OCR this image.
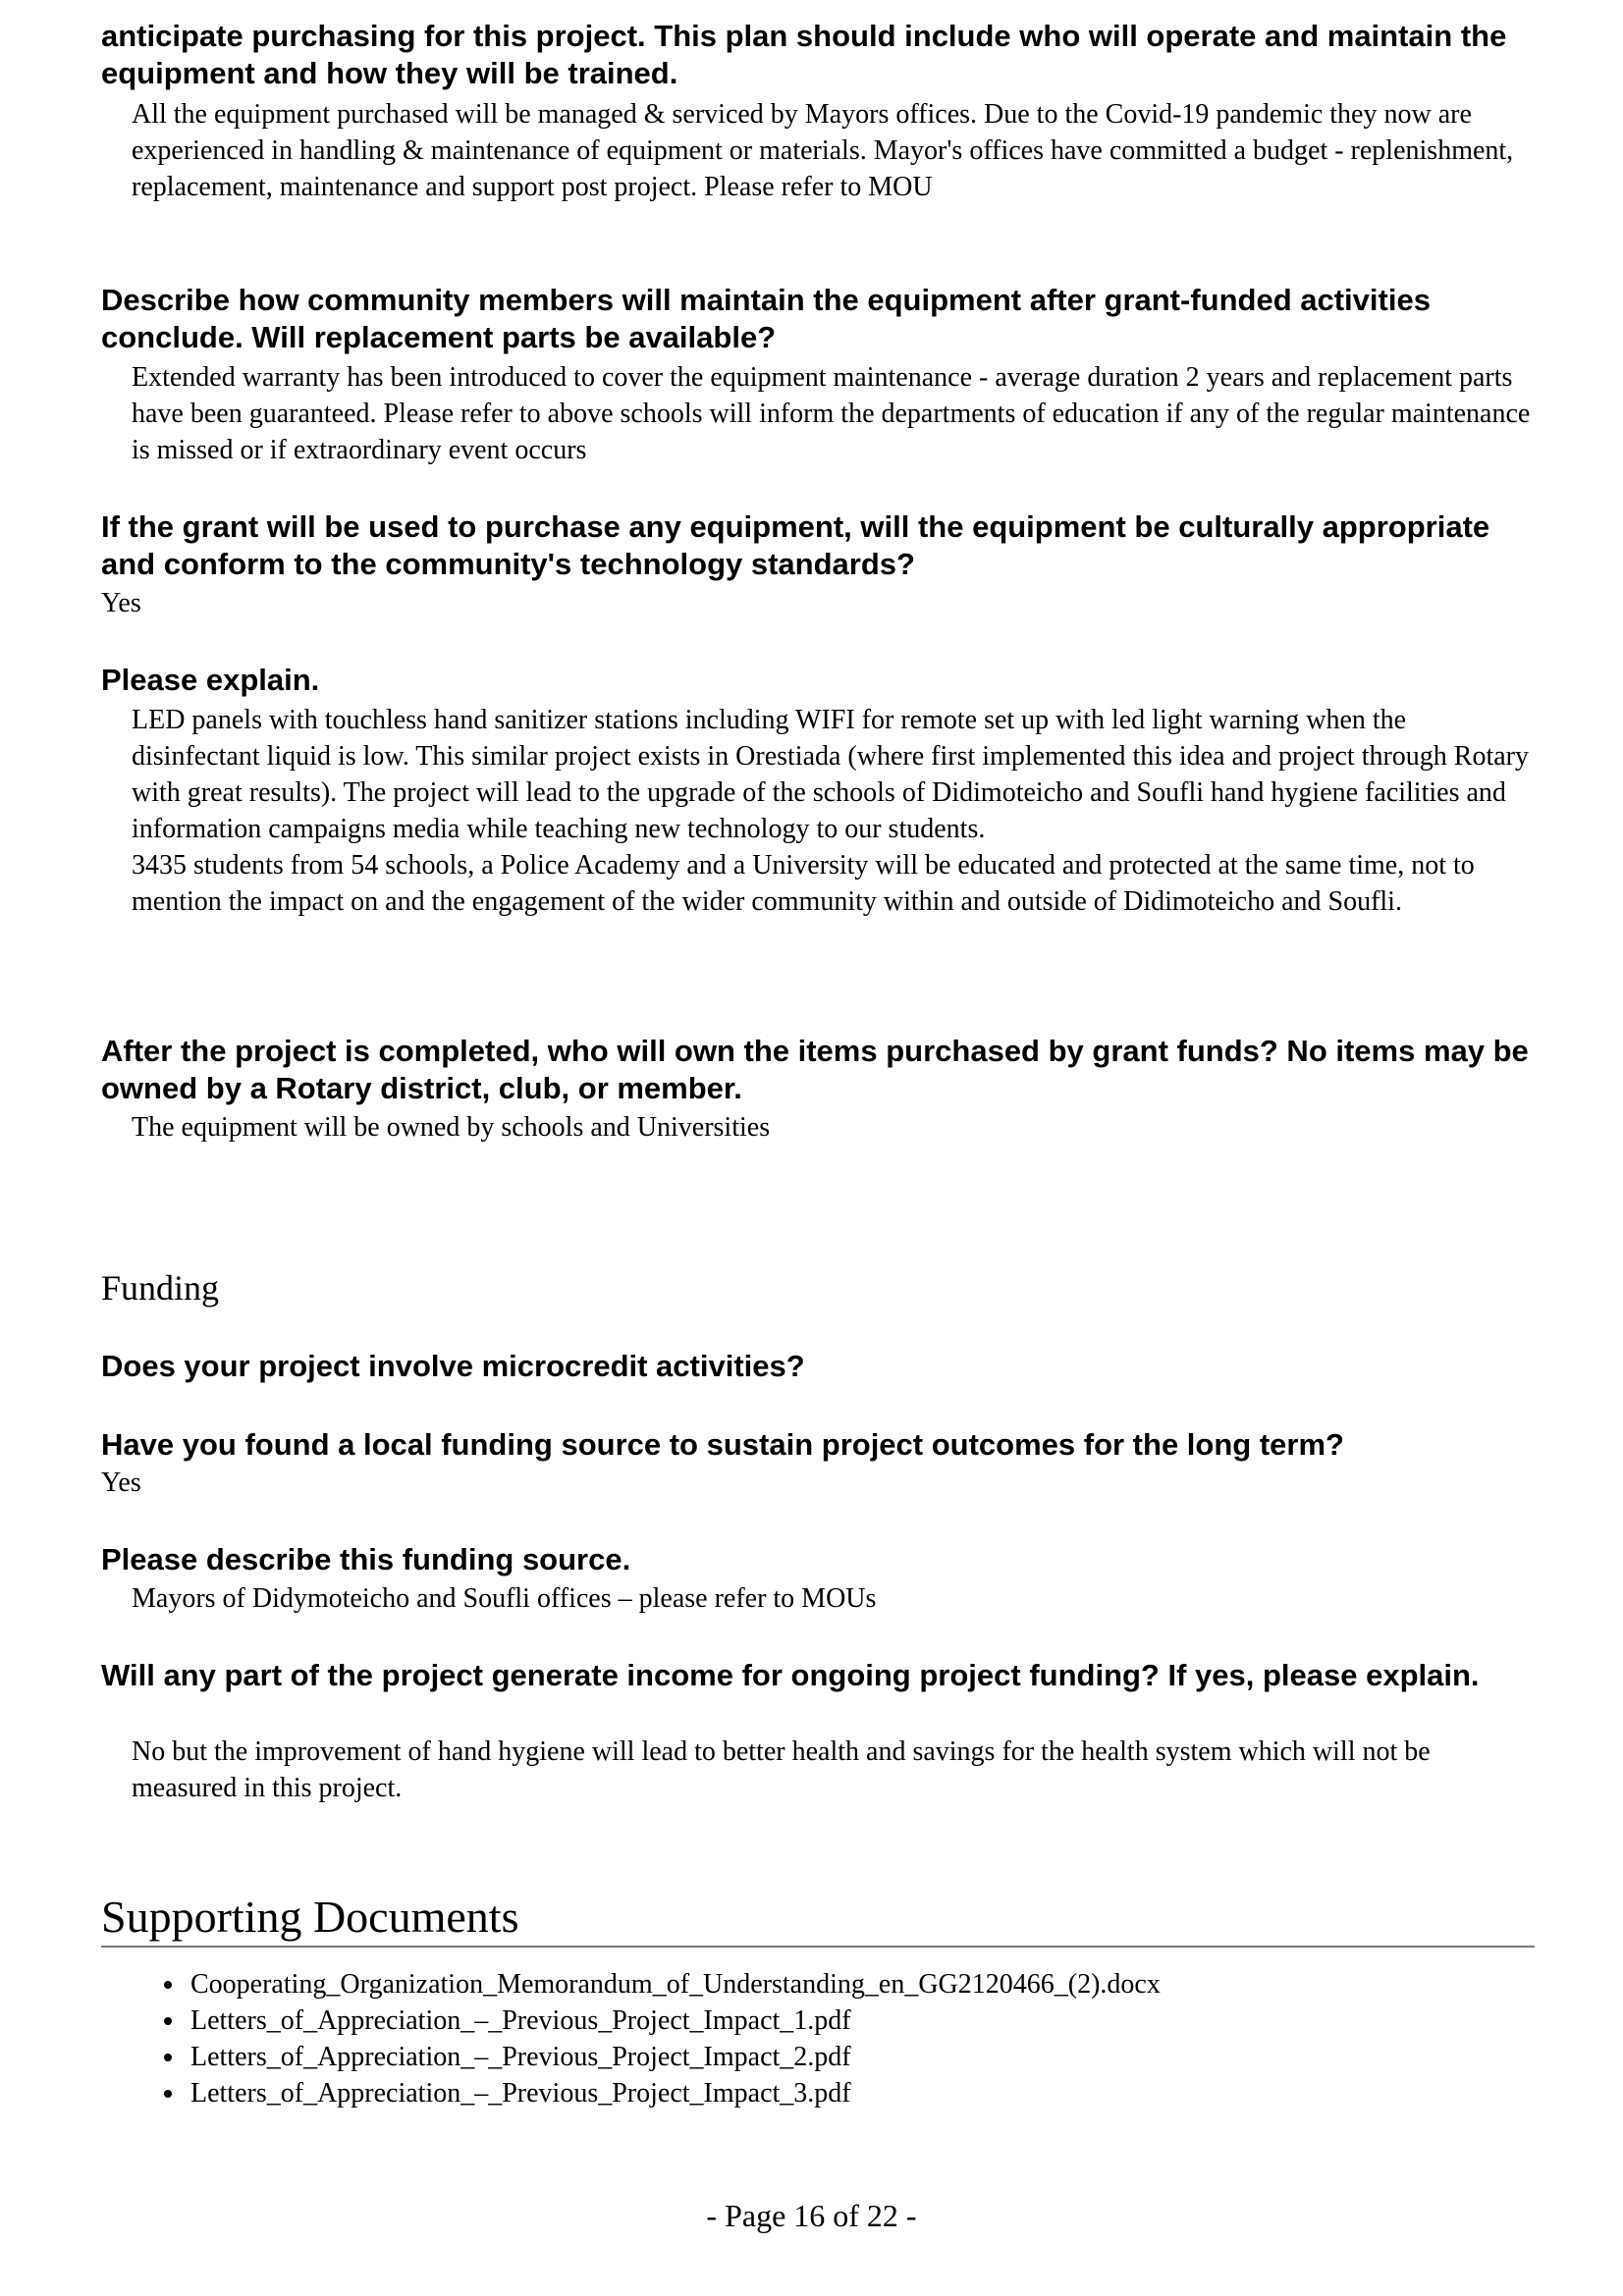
anticipate purchasing for this project. This plan should include who will operate and maintain the equipment and how they will be trained.

All the equipment purchased will be managed & serviced by Mayors offices. Due to the Covid-19 pandemic they now are experienced in handling & maintenance of equipment or materials. Mayor's offices have committed a budget - replenishment, replacement, maintenance and support post project. Please refer to MOU

Describe how community members will maintain the equipment after grant-funded activities conclude. Will replacement parts be available?

Extended warranty has been introduced to cover the equipment maintenance - average duration 2 years and replacement parts have been guaranteed. Please refer to above schools will inform the departments of education if any of the regular maintenance is missed or if extraordinary event occurs

If the grant will be used to purchase any equipment, will the equipment be culturally appropriate and conform to the community's technology standards?

Yes

Please explain.

LED panels with touchless hand sanitizer stations including WIFI for remote set up with led light warning when the disinfectant liquid is low. This similar project exists in Orestiada (where first implemented this idea and project through Rotary with great results). The project will lead to the upgrade of the schools of Didimoteicho and Soufli hand hygiene facilities and information campaigns media while teaching new technology to our students.

3435 students from 54 schools, a Police Academy and a University will be educated and protected at the same time, not to mention the impact on and the engagement of the wider community within and outside of Didimoteicho and Soufli.

After the project is completed, who will own the items purchased by grant funds? No items may be owned by a Rotary district, club, or member.

The equipment will be owned by schools and Universities

Funding

Does your project involve microcredit activities?

Have you found a local funding source to sustain project outcomes for the long term?

Yes

Please describe this funding source.

Mayors of Didymoteicho and Soufli offices – please refer to MOUs

Will any part of the project generate income for ongoing project funding? If yes, please explain.

No but the improvement of hand hygiene will lead to better health and savings for the health system which will not be measured in this project.

Supporting Documents
• Cooperating_Organization_Memorandum_of_Understanding_en_GG2120466_(2).docx
• Letters_of_Appreciation_–_Previous_Project_Impact_1.pdf
• Letters_of_Appreciation_–_Previous_Project_Impact_2.pdf
• Letters_of_Appreciation_–_Previous_Project_Impact_3.pdf
- Page 16 of 22 -
